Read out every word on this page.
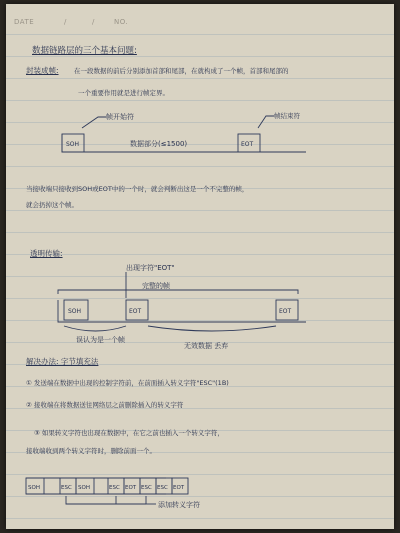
DATE	/	/	NO.
数据链路层的三个基本问题:
封装成帧: 在一段数据的前后分别添加首部和尾部，在就构成了一个帧，首部和尾部的
一个重要作用就是进行帧定界。
帧开始符	帧结束符
SOH	EOT
数据部分(≤1500)
当接收端只接收到SOH或EOT中的一个时，就会判断出这是一个不完整的帧，
就会扔掉这个帧。
透明传输:
出现字符"EOT"
完整的帧
SOH	EOT	EOT
误认为是一个帧
无效数据 丢弃
解决办法: 字节填充法
① 发送端在数据中出现的控制字符前，在前面插入转义字符"ESC"(1B)
② 接收端在将数据送往网络层之前删除插入的转义字符
③ 如果转义字符也出现在数据中，在它之前也插入一个转义字符，
接收端收到两个转义字符时，删除前面一个。
SOH	ESC SOH	ESC EOT ESC ESC EOT
添加转义字符
